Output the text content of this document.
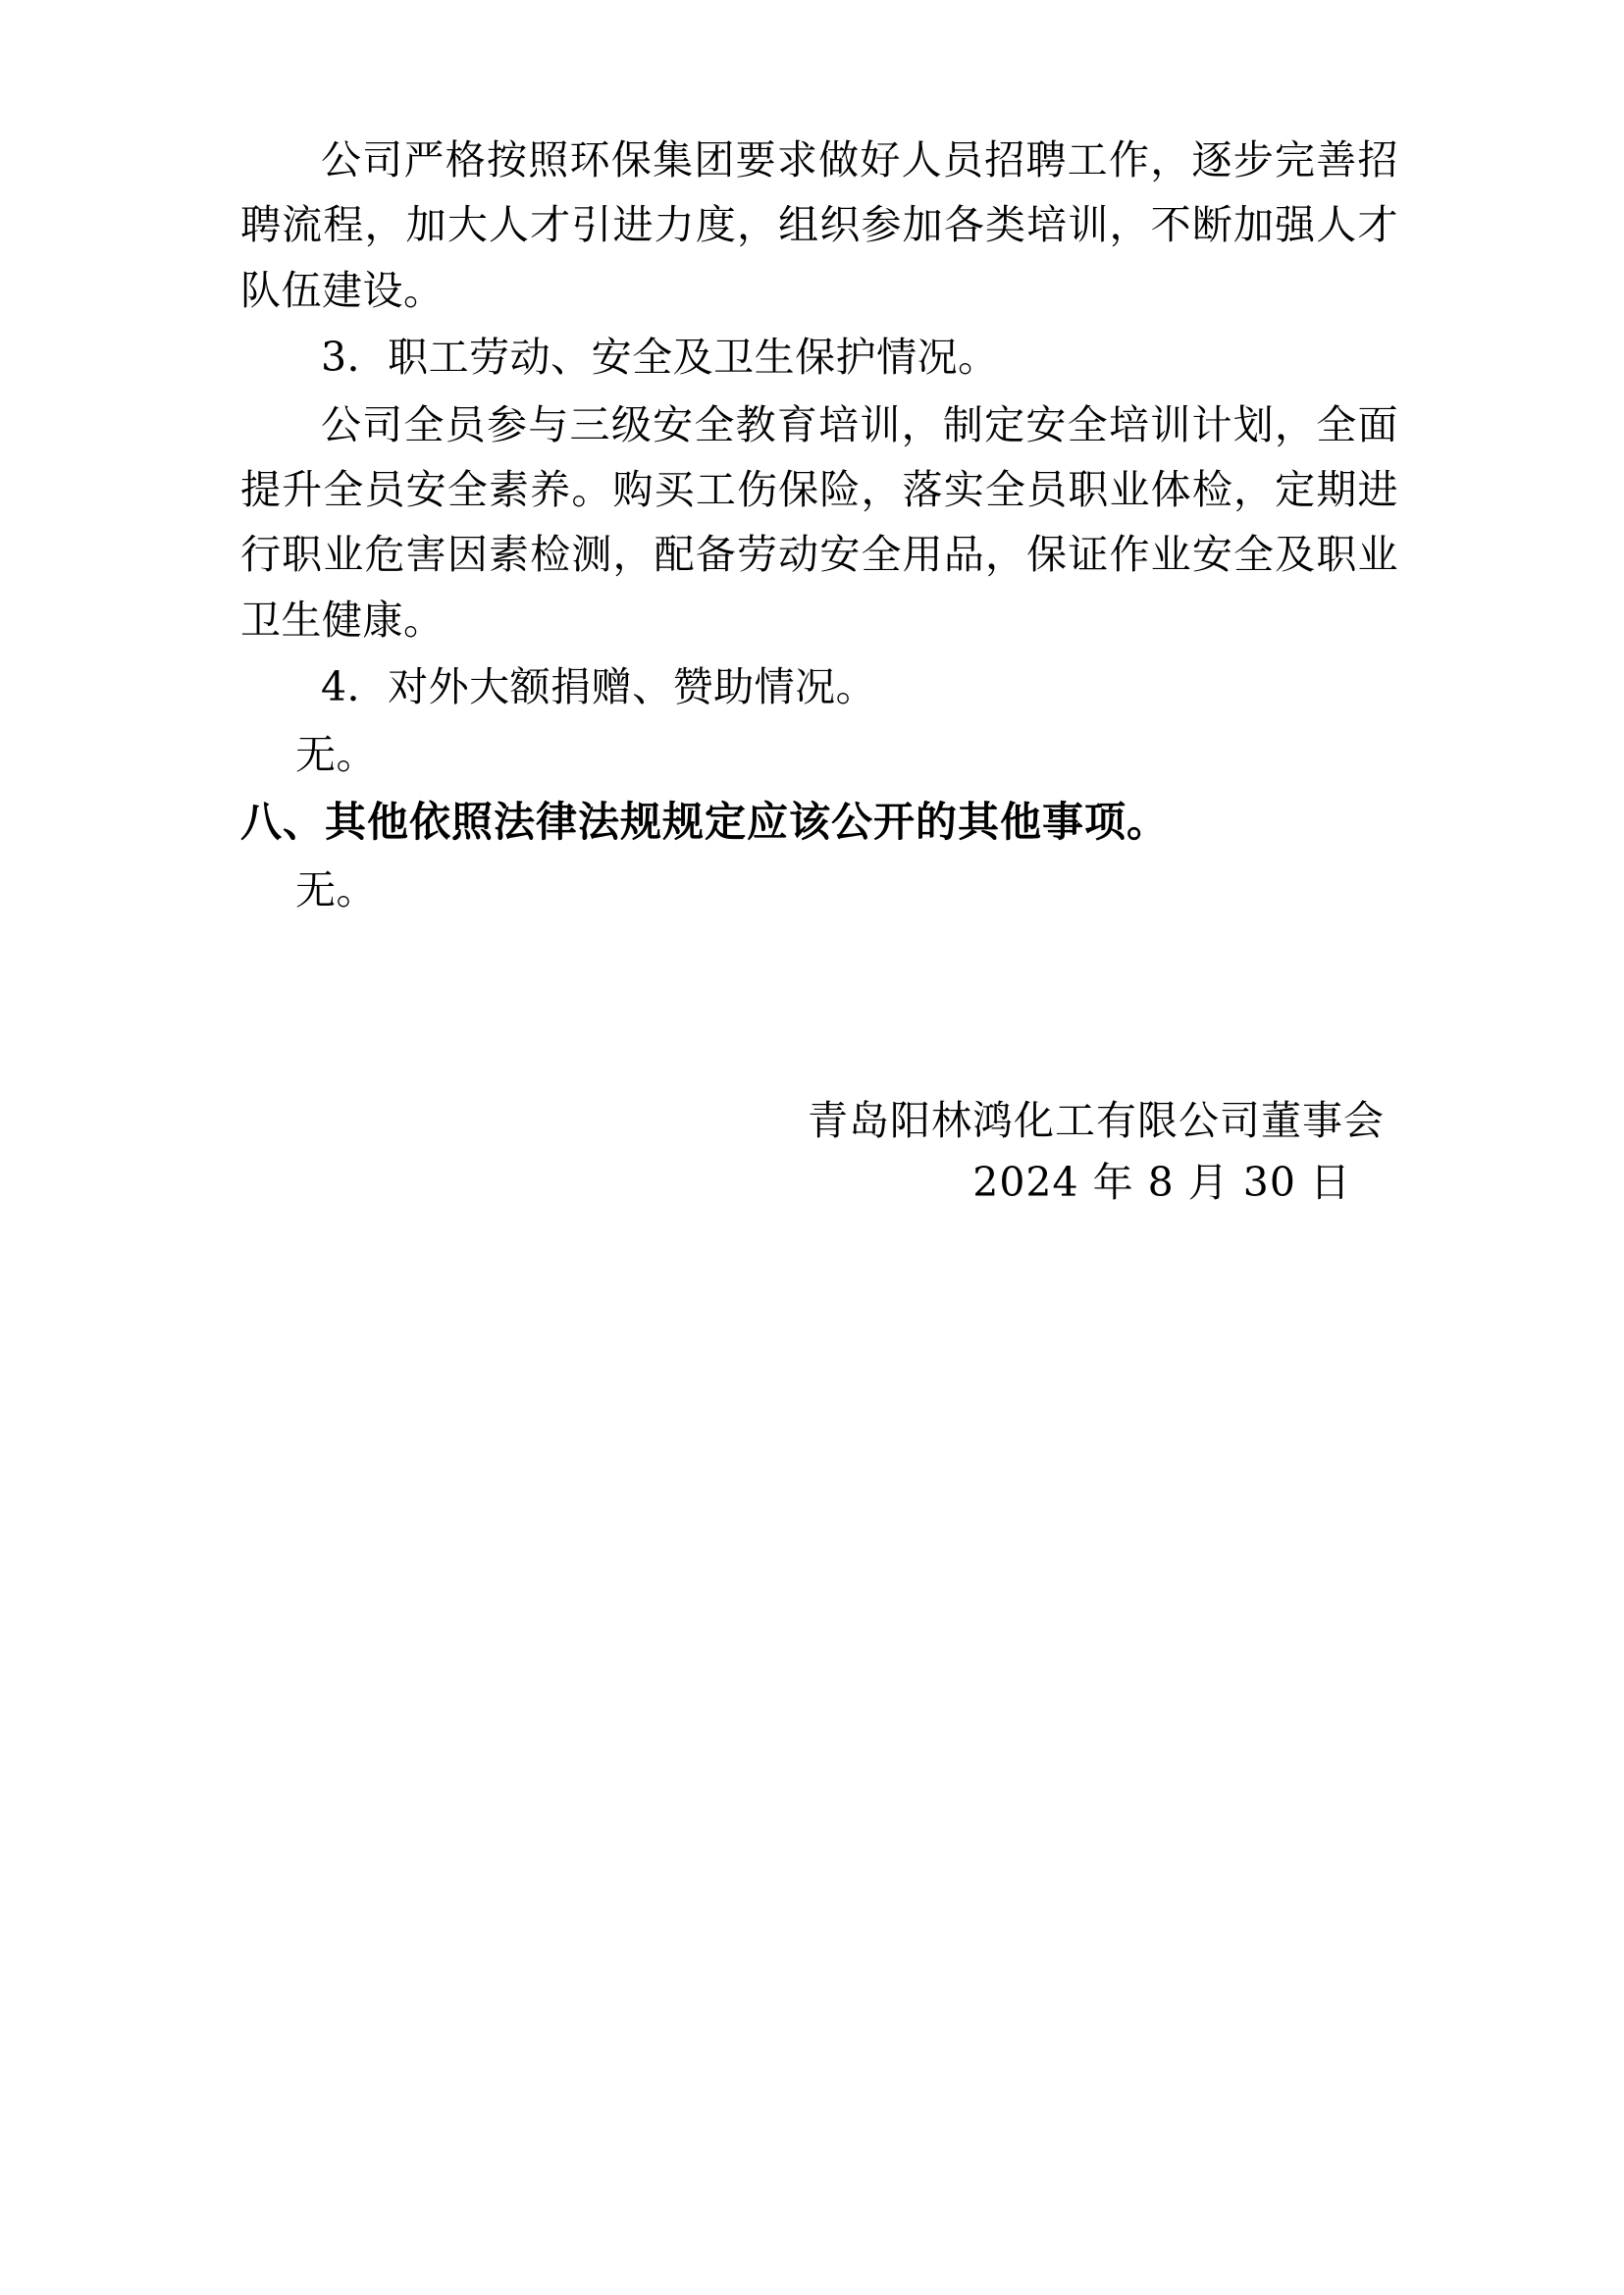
公司严格按照环保集团要求做好人员招聘工作，逐步完善招聘流程，加大人才引进力度，组织参加各类培训，不断加强人才队伍建设。

3．职工劳动、安全及卫生保护情况。

公司全员参与三级安全教育培训，制定安全培训计划，全面提升全员安全素养。购买工伤保险，落实全员职业体检，定期进行职业危害因素检测，配备劳动安全用品，保证作业安全及职业卫生健康。

4．对外大额捐赠、赞助情况。

无。

八、其他依照法律法规规定应该公开的其他事项。

无。

青岛阳林鸿化工有限公司董事会
2024 年 8 月 30 日
